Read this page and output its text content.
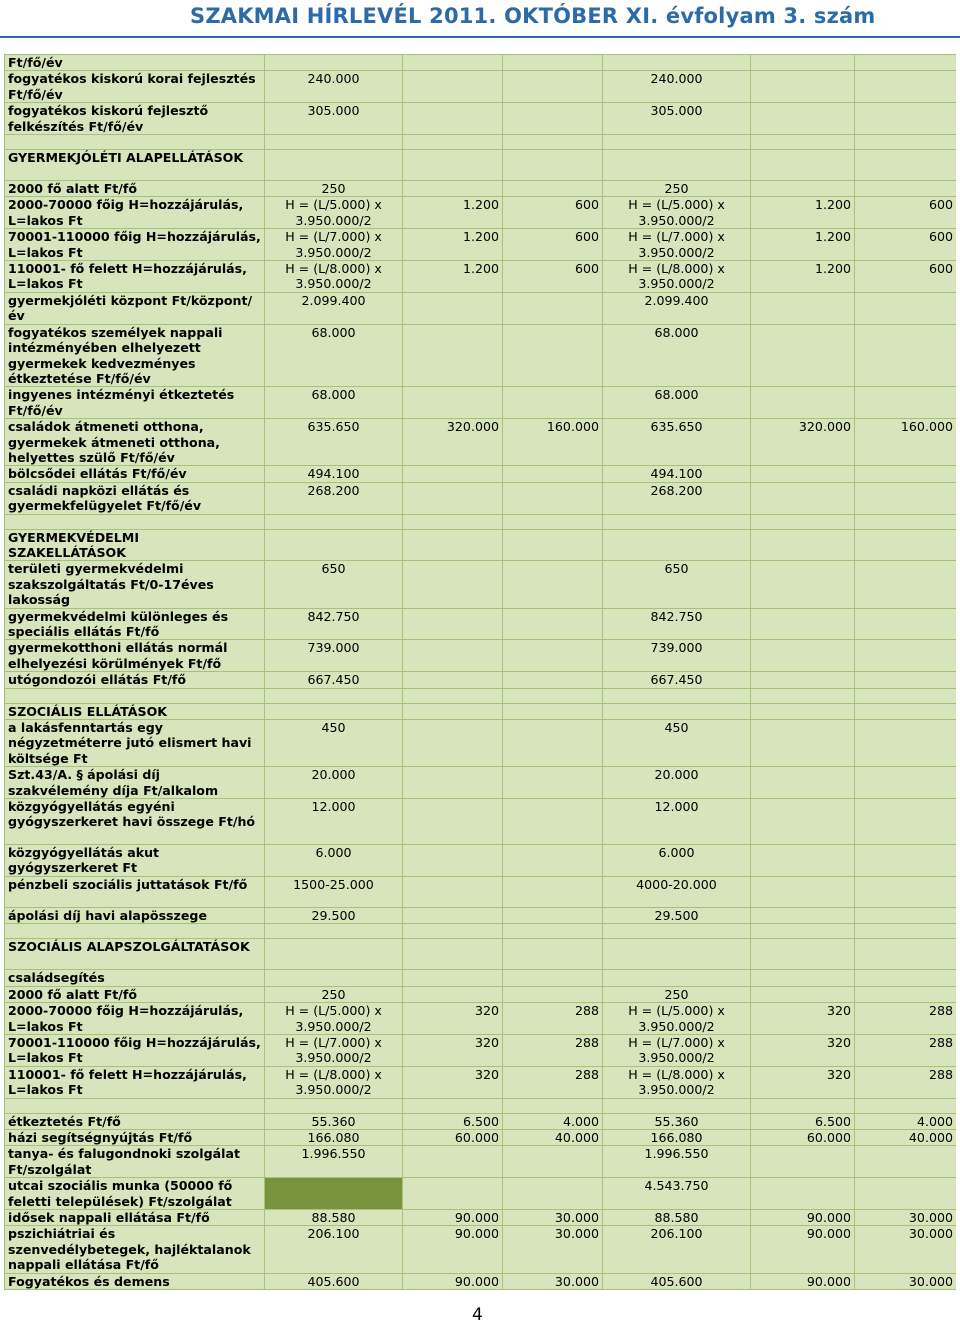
SZAKMAI HÍRLEVÉL 2011. OKTÓBER XI. évfolyam 3. szám
Ft/fő/év							
fogyatékos kiskorú korai fejlesztés Ft/fő/év	240.000			240.000			
fogyatékos kiskorú fejlesztő felkészítés Ft/fő/év	305.000			305.000			

GYERMEKJÓLÉTI ALAPELLÁTÁSOK							
2000 fő alatt Ft/fő	250			250			
2000-70000 főig H=hozzájárulás, L=lakos Ft	H = (L/5.000) x 3.950.000/2	1.200	600	H = (L/5.000) x 3.950.000/2	1.200	600	
70001-110000 főig H=hozzájárulás, L=lakos Ft	H = (L/7.000) x 3.950.000/2	1.200	600	H = (L/7.000) x 3.950.000/2	1.200	600	
110001- fő felett H=hozzájárulás, L=lakos Ft	H = (L/8.000) x 3.950.000/2	1.200	600	H = (L/8.000) x 3.950.000/2	1.200	600	
gyermekjóléti központ Ft/központ/év	2.099.400			2.099.400			
fogyatékos személyek nappali intézményében elhelyezett gyermekek kedvezményes étkeztetése Ft/fő/év	68.000			68.000			
ingyenes intézményi étkeztetés Ft/fő/év	68.000			68.000			
családok átmeneti otthona, gyermekek átmeneti otthona, helyettes szülő Ft/fő/év	635.650	320.000	160.000	635.650	320.000	160.000	
bölcsődei ellátás Ft/fő/év	494.100			494.100			
családi napközi ellátás és gyermekfelügyelet Ft/fő/év	268.200			268.200			

GYERMEKVÉDELMI SZAKELLÁTÁSOK							
területi gyermekvédelmi szakszolgáltatás Ft/0-17éves lakosság	650			650			
gyermekvédelmi különleges és speciális ellátás Ft/fő	842.750			842.750			
gyermekotthoni ellátás normál elhelyezési körülmények Ft/fő	739.000			739.000			
utógondozói ellátás Ft/fő	667.450			667.450			

SZOCIÁLIS ELLÁTÁSOK							
a lakásfenntartás egy négyzetméterre jutó elismert havi költsége Ft	450			450			
Szt.43/A. § ápolási díj szakvélemény díja Ft/alkalom	20.000			20.000			
közgyógyellátás egyéni gyógyszerkeret havi összege Ft/hó	12.000			12.000			
közgyógyellátás akut gyógyszerkeret Ft	6.000			6.000			
pénzbeli szociális juttatások Ft/fő	1500-25.000			4000-20.000			
ápolási díj havi alapösszege	29.500			29.500			

SZOCIÁLIS ALAPSZOLGÁLTATÁSOK							
családsegítés							
2000 fő alatt Ft/fő	250			250			
2000-70000 főig H=hozzájárulás, L=lakos Ft	H = (L/5.000) x 3.950.000/2	320	288	H = (L/5.000) x 3.950.000/2	320	288	
70001-110000 főig H=hozzájárulás, L=lakos Ft	H = (L/7.000) x 3.950.000/2	320	288	H = (L/7.000) x 3.950.000/2	320	288	
110001- fő felett H=hozzájárulás, L=lakos Ft	H = (L/8.000) x 3.950.000/2	320	288	H = (L/8.000) x 3.950.000/2	320	288	

étkeztetés Ft/fő	55.360	6.500	4.000	55.360	6.500	4.000	
házi segítségnyújtás Ft/fő	166.080	60.000	40.000	166.080	60.000	40.000	
tanya- és falugondnoki szolgálat Ft/szolgálat	1.996.550			1.996.550			
utcai szociális munka (50000 fő feletti települések) Ft/szolgálat				4.543.750			
idősek nappali ellátása Ft/fő	88.580	90.000	30.000	88.580	90.000	30.000	
pszichiátriai és szenvedélybetegek, hajléktalanok nappali ellátása Ft/fő	206.100	90.000	30.000	206.100	90.000	30.000	
Fogyatékos és demens	405.600	90.000	30.000	405.600	90.000	30.000	
4
